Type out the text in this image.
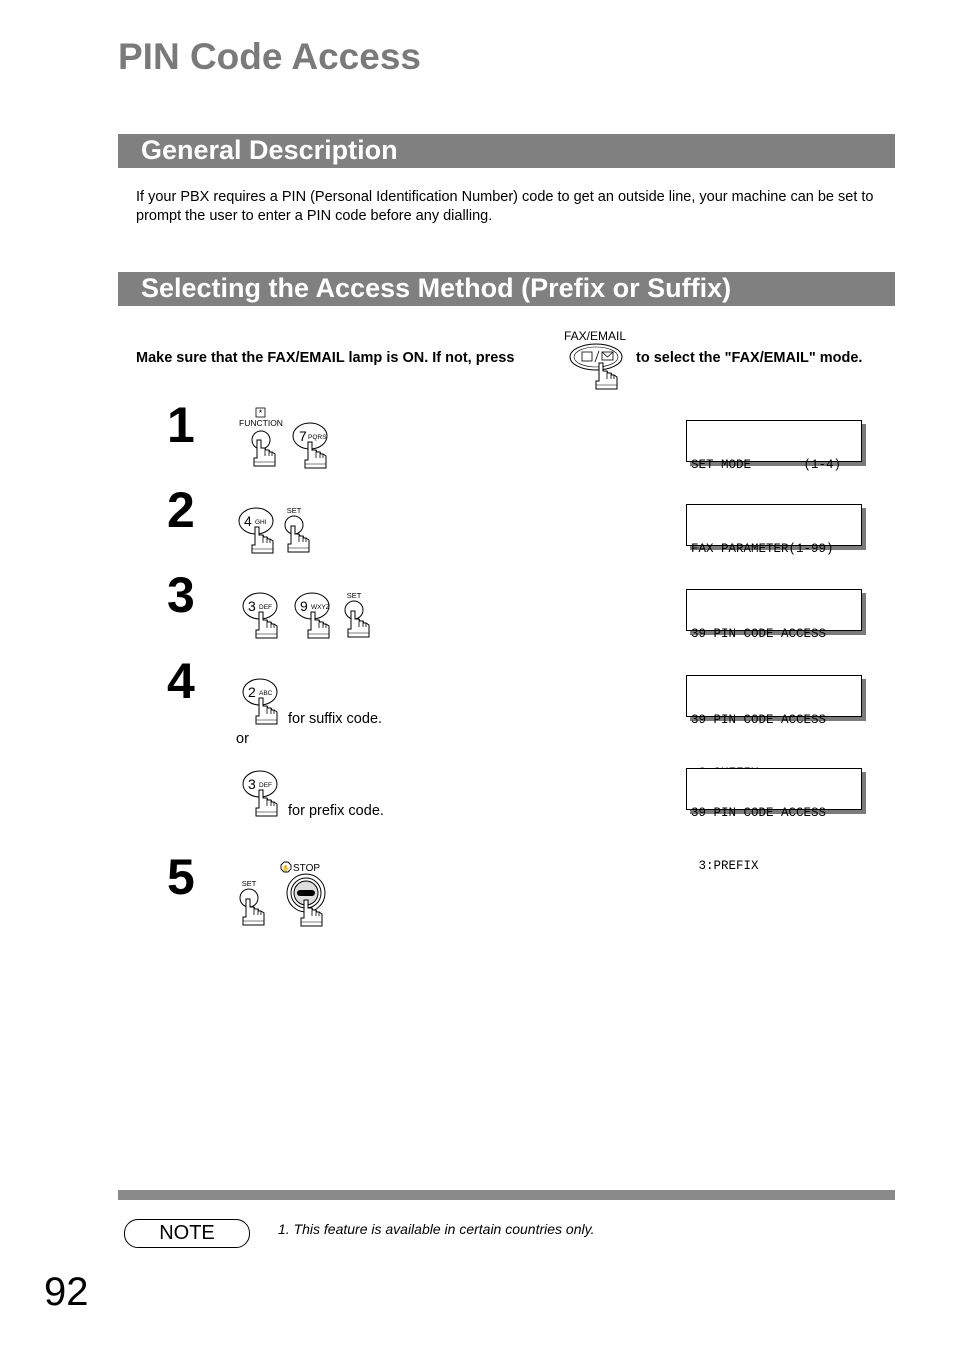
PIN Code Access
General Description
If your PBX requires a PIN (Personal Identification Number) code to get an outside line, your machine can be set to prompt the user to enter a PIN code before any dialling.
Selecting the Access Method (Prefix or Suffix)
Make sure that the FAX/EMAIL lamp is ON. If not, press
FAX/EMAIL
to select the "FAX/EMAIL" mode.
1
2
3
4
5
*
FUNCTION
7 PQRS
4 GHI
SET
3 DEF 9 WXYZ
SET
2 ABC
for suffix code.
or
3 DEF
for prefix code.
SET
✋ STOP

SET MODE       (1-4)

FAX PARAMETER(1-99)

39 PIN CODE ACCESS

39 PIN CODE ACCESS

39 PIN CODE ACCESS

3:PREFIX

NOTE	1. This feature is available in certain countries only.
92
